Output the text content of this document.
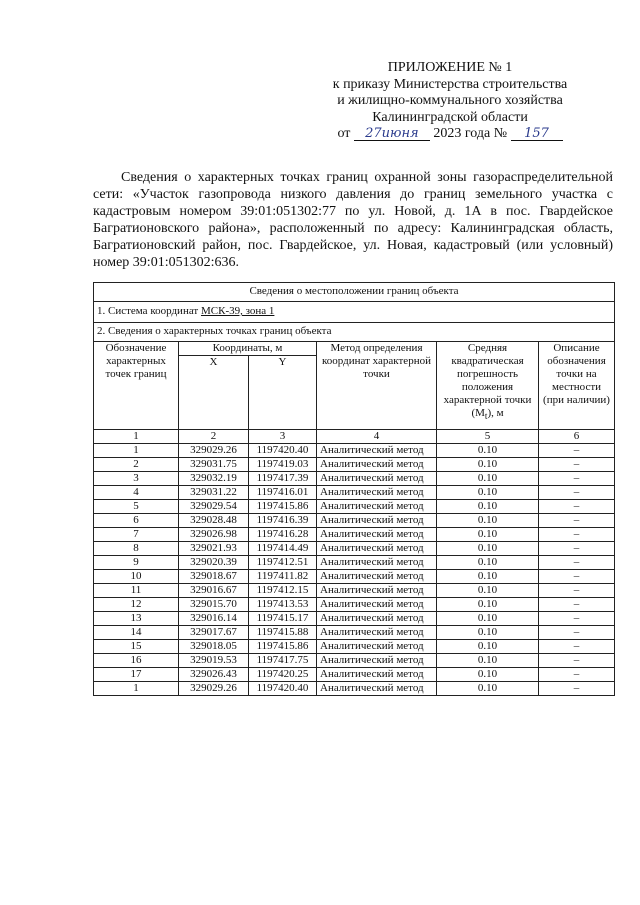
ПРИЛОЖЕНИЕ № 1
к приказу Министерства строительства
и жилищно-коммунального хозяйства
Калининградской области
от 27июня 2023 года № 157

Сведения о характерных точках границ охранной зоны газораспределительной сети: «Участок газопровода низкого давления до границ земельного участка с кадастровым номером 39:01:051302:77 по ул. Новой, д. 1А в пос. Гвардейское Багратионовского района», расположенный по адресу: Калининградская область, Багратионовский район, пос. Гвардейское, ул. Новая, кадастровый (или условный) номер 39:01:051302:636.

Сведения о местоположении границ объекта					
1. Система координат МСК-39, зона 1					
2. Сведения о характерных точках границ объекта					
Обозначение характерных точек границ	Координаты, м		Метод определения координат характерной точки	Средняя квадратическая погрешность положения характерной точки $(M_t)$, м	Описание обозначения точки на местности (при наличии)
	X	Y			
1	2	3	4	5	6
1	329029.26	1197420.40	Аналитический метод	0.10	–
2	329031.75	1197419.03	Аналитический метод	0.10	–
3	329032.19	1197417.39	Аналитический метод	0.10	–
4	329031.22	1197416.01	Аналитический метод	0.10	–
5	329029.54	1197415.86	Аналитический метод	0.10	–
6	329028.48	1197416.39	Аналитический метод	0.10	–
7	329026.98	1197416.28	Аналитический метод	0.10	–
8	329021.93	1197414.49	Аналитический метод	0.10	–
9	329020.39	1197412.51	Аналитический метод	0.10	–
10	329018.67	1197411.82	Аналитический метод	0.10	–
11	329016.67	1197412.15	Аналитический метод	0.10	–
12	329015.70	1197413.53	Аналитический метод	0.10	–
13	329016.14	1197415.17	Аналитический метод	0.10	–
14	329017.67	1197415.88	Аналитический метод	0.10	–
15	329018.05	1197415.86	Аналитический метод	0.10	–
16	329019.53	1197417.75	Аналитический метод	0.10	–
17	329026.43	1197420.25	Аналитический метод	0.10	–
1	329029.26	1197420.40	Аналитический метод	0.10	–
